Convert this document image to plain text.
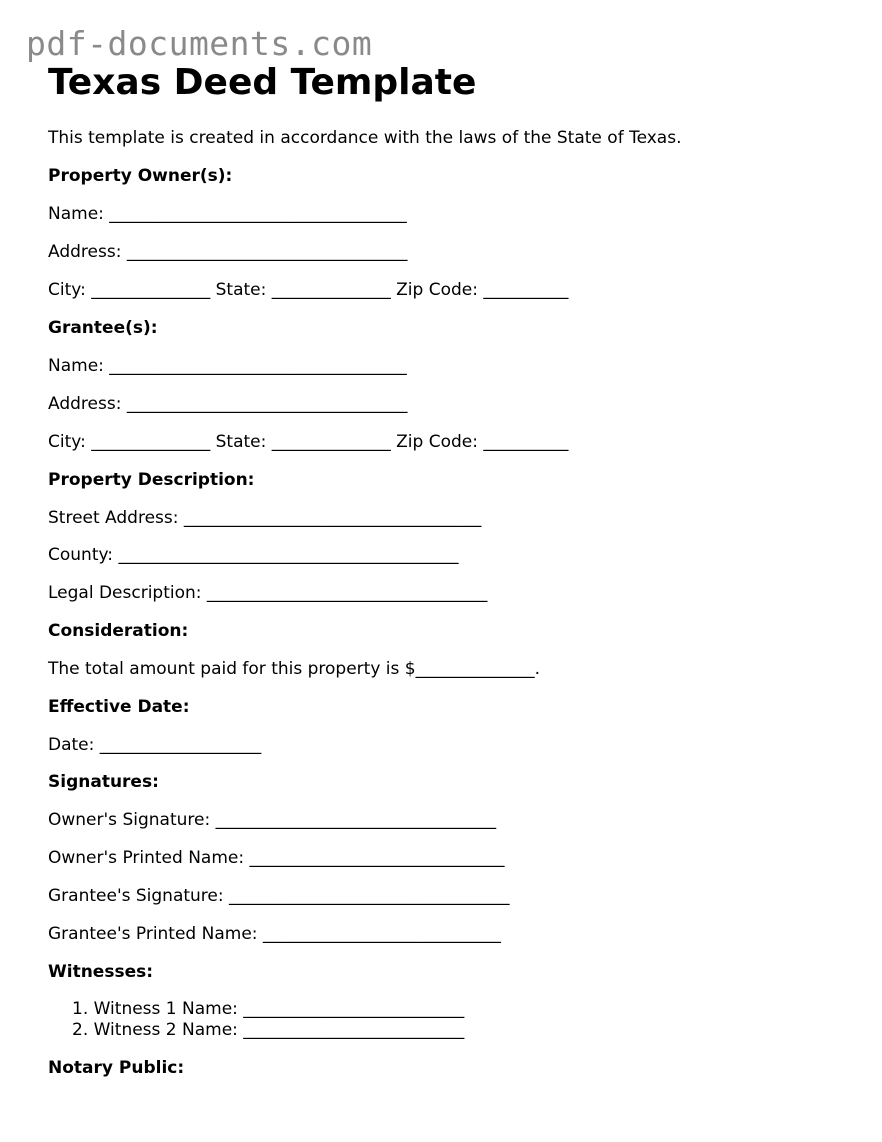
pdf-documents.com
Texas Deed Template
This template is created in accordance with the laws of the State of Texas.
Property Owner(s):
Name: ___________________________________
Address: _________________________________
City: ______________ State: ______________ Zip Code: __________
Grantee(s):
Name: ___________________________________
Address: _________________________________
City: ______________ State: ______________ Zip Code: __________
Property Description:
Street Address: ___________________________________
County: ________________________________________
Legal Description: _________________________________
Consideration:
The total amount paid for this property is $______________.
Effective Date:
Date: ___________________
Signatures:
Owner's Signature: _________________________________
Owner's Printed Name: ______________________________
Grantee's Signature: _________________________________
Grantee's Printed Name: ____________________________
Witnesses:
1. Witness 1 Name: __________________________
2. Witness 2 Name: __________________________
Notary Public:
